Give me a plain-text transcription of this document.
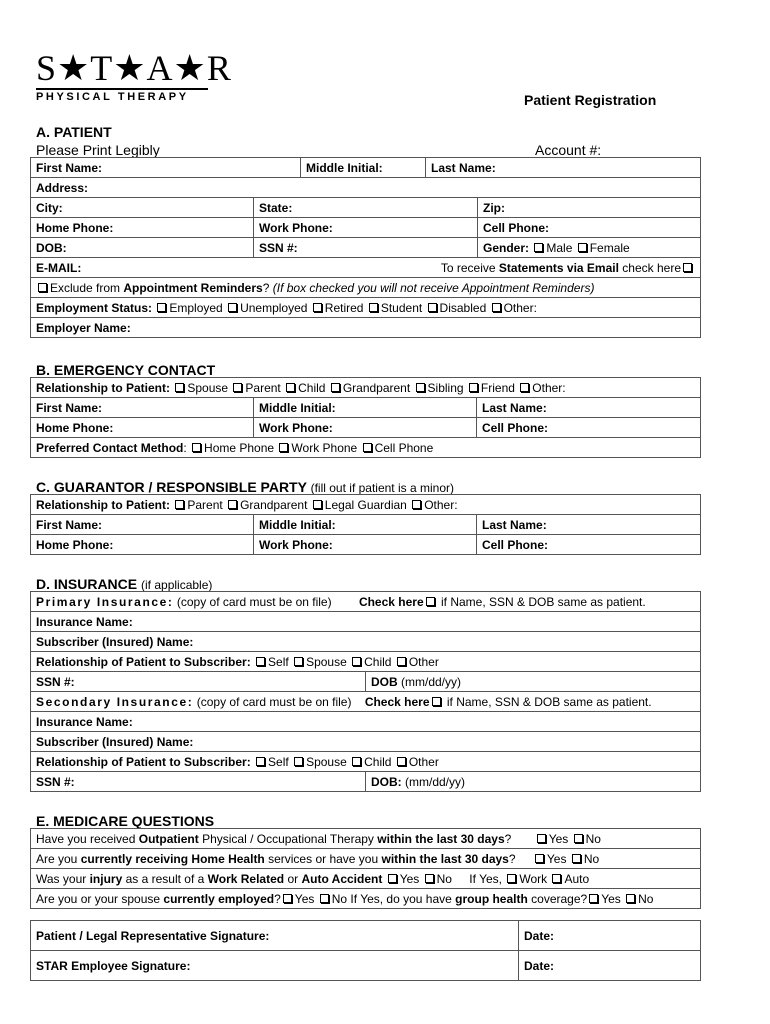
S★T★A★R
PHYSICAL THERAPY	Patient Registration
A. PATIENT
Please Print Legibly	Account #:
First Name:		Middle Initial:	Last Name:	
Address:				
City:	State:			Zip:
Home Phone:	Work Phone:			Cell Phone:
DOB:	SSN #:			Gender: Male Female
E-MAIL: To receive Statements via Email check here				

Exclude from Appointment Reminders? (If box checked you will not receive Appointment Reminders)				
Employment Status: Employed Unemployed Retired Student Disabled Other:				
Employer Name:				
B. EMERGENCY CONTACT
Relationship to Patient: Spouse Parent Child Grandparent Sibling Friend Other:		
First Name:	Middle Initial:	Last Name:
Home Phone:	Work Phone:	Cell Phone:
Preferred Contact Method: Home Phone Work Phone Cell Phone		
C. GUARANTOR / RESPONSIBLE PARTY (fill out if patient is a minor)
Relationship to Patient: Parent Grandparent Legal Guardian Other:		
First Name:	Middle Initial:	Last Name:
Home Phone:	Work Phone:	Cell Phone:
D. INSURANCE (if applicable)
Primary Insurance: (copy of card must be on file) Check here if Name, SSN & DOB same as patient.	
Insurance Name:	
Subscriber (Insured) Name:	
Relationship of Patient to Subscriber: Self Spouse Child Other	
SSN #:	DOB (mm/dd/yy)
Secondary Insurance: (copy of card must be on file) Check here if Name, SSN & DOB same as patient.	
Insurance Name:	
Subscriber (Insured) Name:	
Relationship of Patient to Subscriber: Self Spouse Child Other	
SSN #:	DOB: (mm/dd/yy)
E. MEDICARE QUESTIONS
Have you received Outpatient Physical / Occupational Therapy within the last 30 days?	Yes No
Are you currently receiving Home Health services or have you within the last 30 days?	Yes No
Was your injury as a result of a Work Related or Auto Accident Yes No If Yes, Work Auto
Are you or your spouse currently employed? Yes No If Yes, do you have group health coverage? Yes No
Patient / Legal Representative Signature:	Date:
STAR Employee Signature:	Date:
